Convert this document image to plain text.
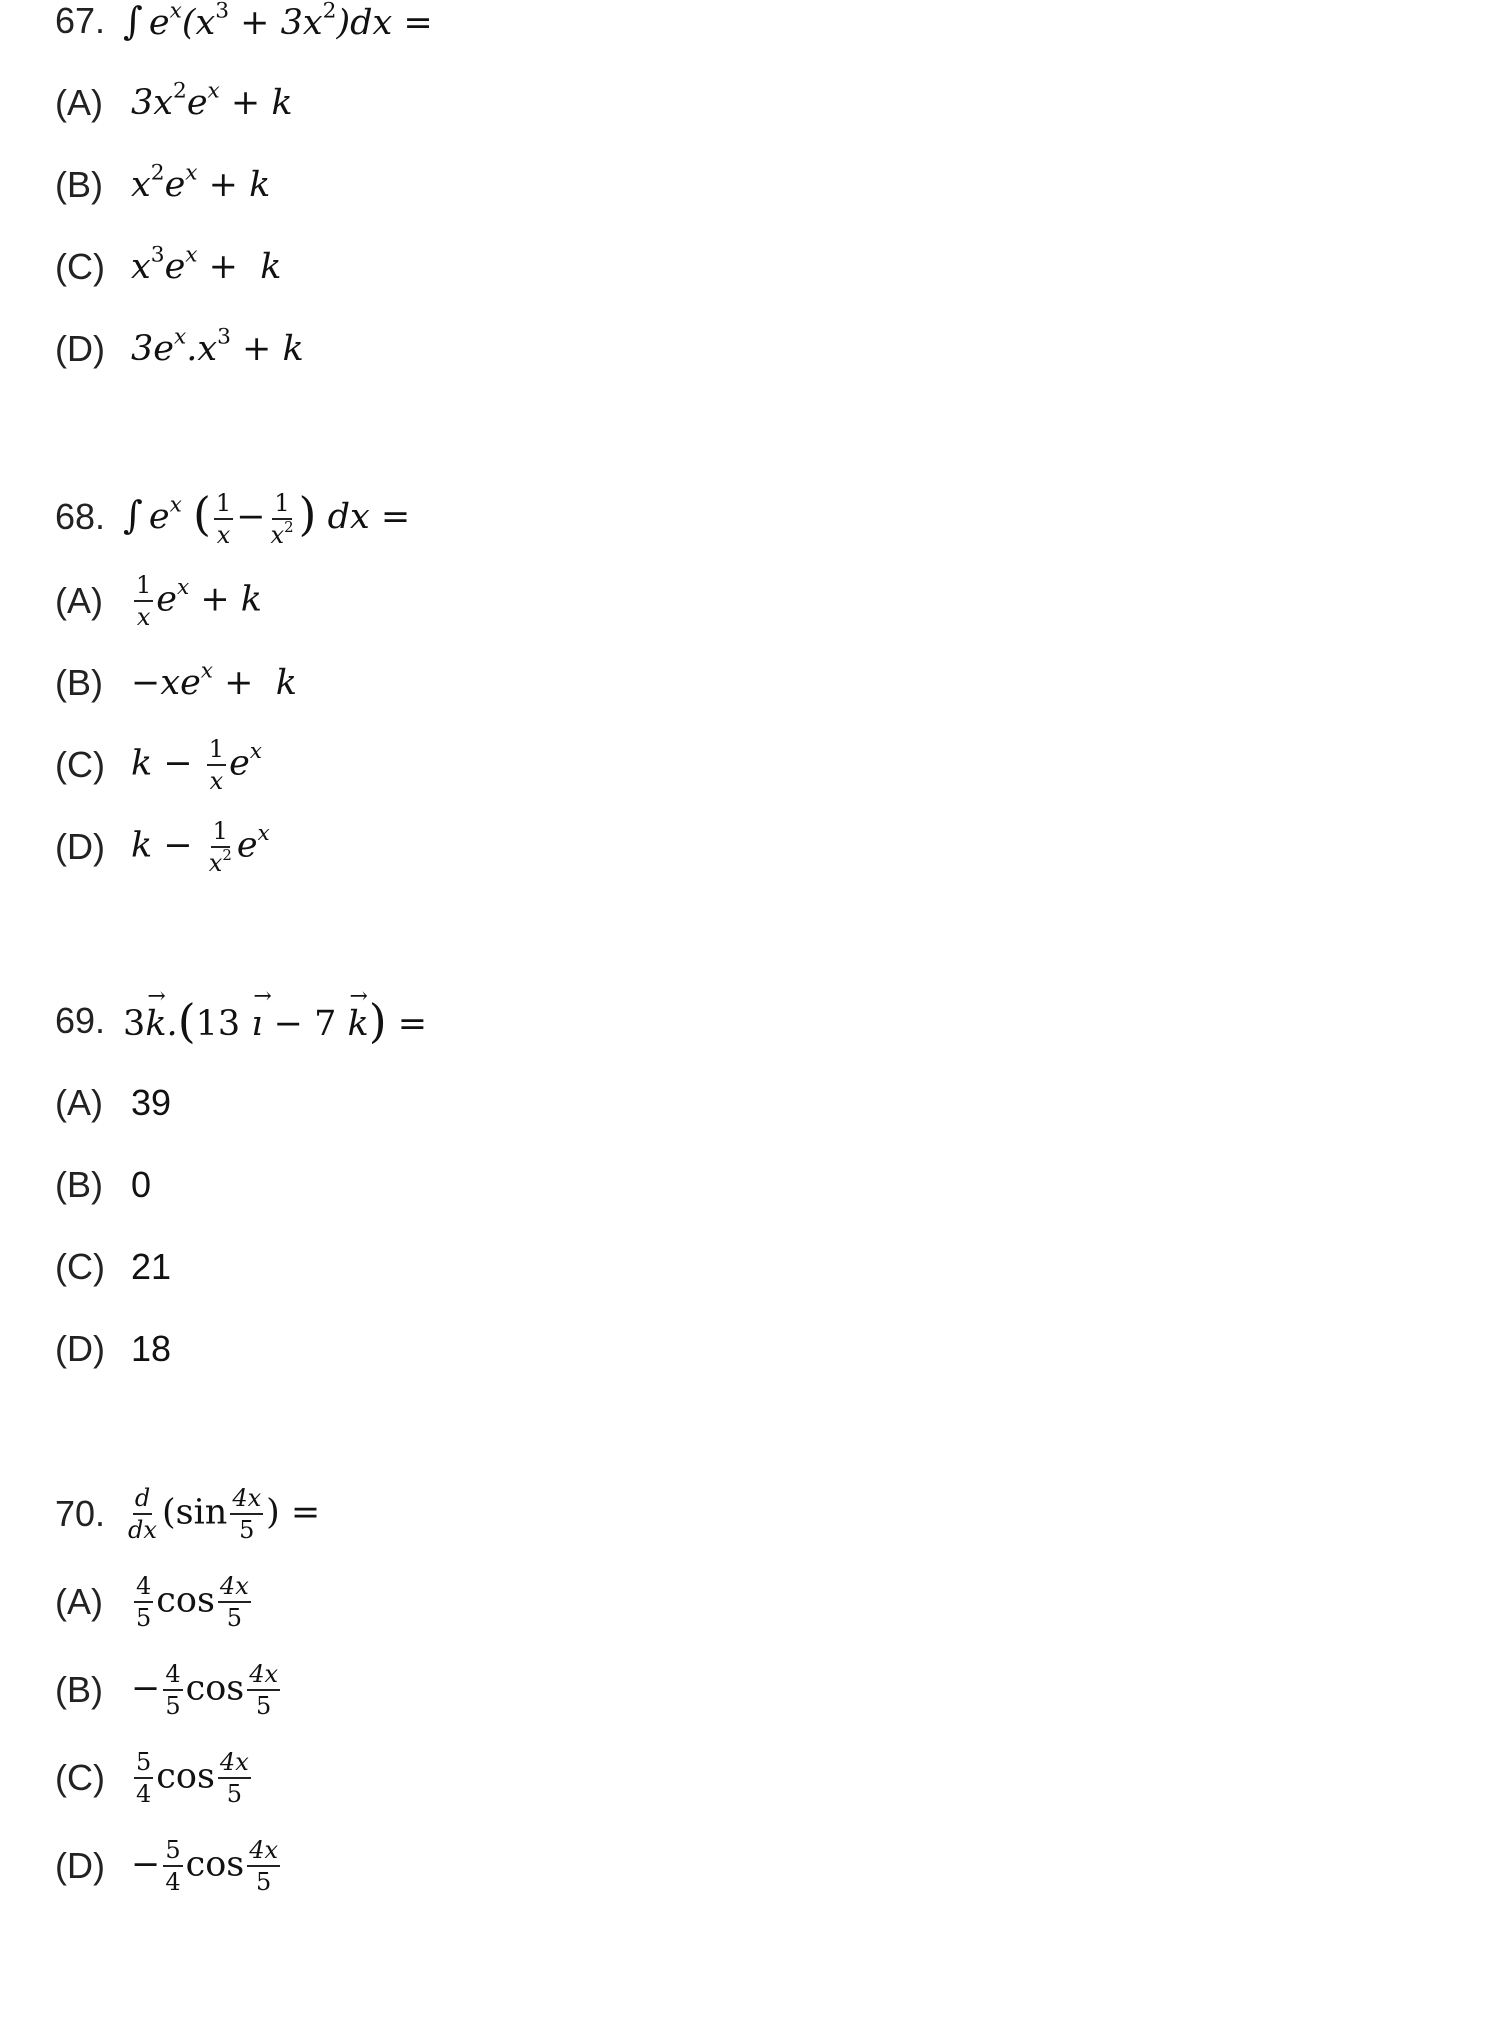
67. ∫ $e^x(x^3 + 3x^2)dx$ =
(A) $3x^2e^x + k$
(B) $x^2e^x + k$
(C) $x^3e^x + k$
(D) $3e^x.x^3 + k$
68. ∫ $e^x$ ( $\frac{1}{x} - \frac{1}{x^2}$ ) dx =
(A)	$\frac{1}{x} e^x + k$
$(B) -xe^x + k$
(C) $k - \frac{1}{x} e^x$
(D) $k - \frac{1}{x^2} e^x$
69. 3→ k.(13 → ı − 7 → k) =
(A) 39
(B) 0
(C) 21
(D) 18
70. $\frac{d}{dx} (\sin \frac{4x}{5}$ ) =
(A)	$\frac{4}{5}$ $\cos \frac{4x}{5}$
$(B) - \frac{4}{5}$ $\cos \frac{4x}{5}$
(C)	$\frac{5}{4}$ $\cos \frac{4x}{5}$
$(D) - \frac{5}{4}$ $\cos \frac{4x}{5}$
